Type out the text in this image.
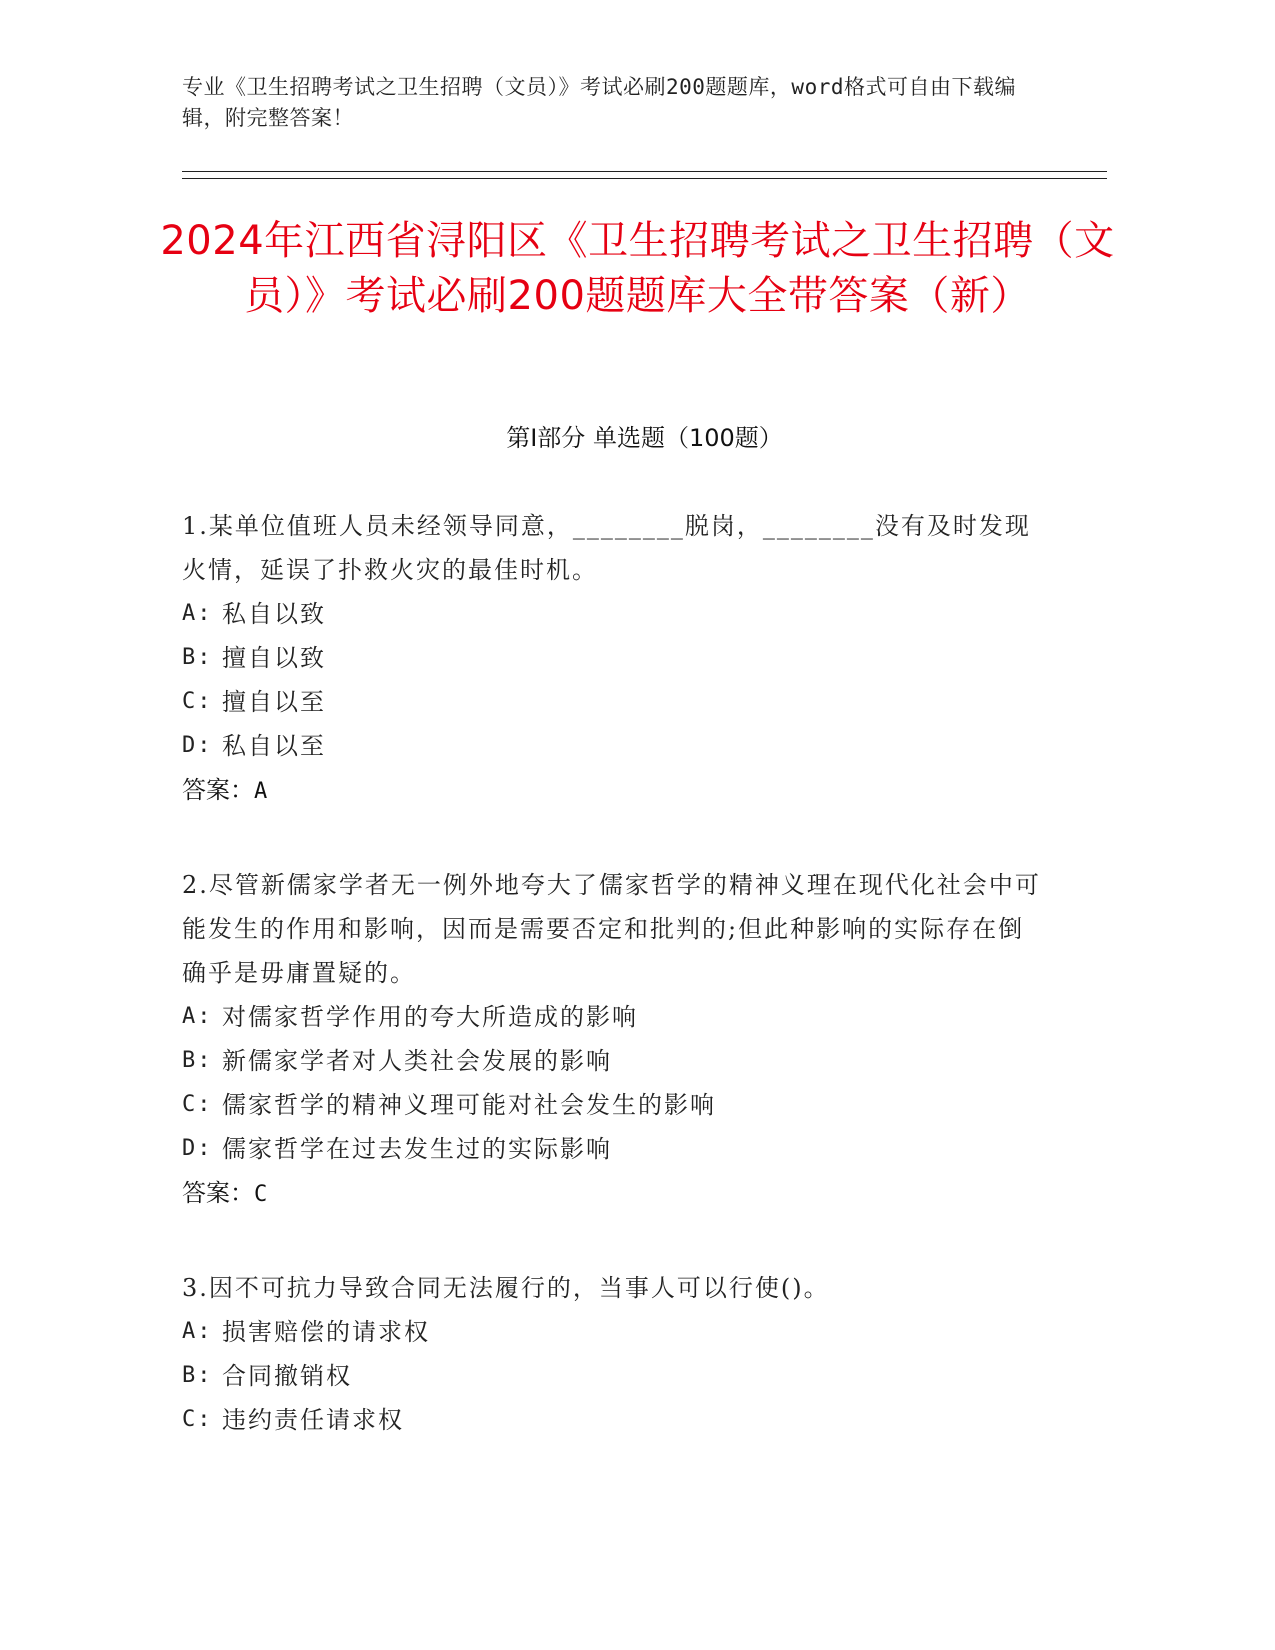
专业《卫生招聘考试之卫生招聘（文员）》考试必刷200题题库，word格式可自由下载编辑，附完整答案！
2024年江西省浔阳区《卫生招聘考试之卫生招聘（文员）》考试必刷200题题库大全带答案（新）
第I部分 单选题（100题）

1.某单位值班人员未经领导同意，________脱岗，________没有及时发现火情，延误了扑救火灾的最佳时机。

A: 私自以致
B: 擅自以致
C: 擅自以至
D: 私自以至

答案：A

2.尽管新儒家学者无一例外地夸大了儒家哲学的精神义理在现代化社会中可能发生的作用和影响，因而是需要否定和批判的;但此种影响的实际存在倒确乎是毋庸置疑的。

A: 对儒家哲学作用的夸大所造成的影响
B: 新儒家学者对人类社会发展的影响
C: 儒家哲学的精神义理可能对社会发生的影响
D: 儒家哲学在过去发生过的实际影响

答案：C

3.因不可抗力导致合同无法履行的，当事人可以行使()。

A: 损害赔偿的请求权
B: 合同撤销权
C: 违约责任请求权
